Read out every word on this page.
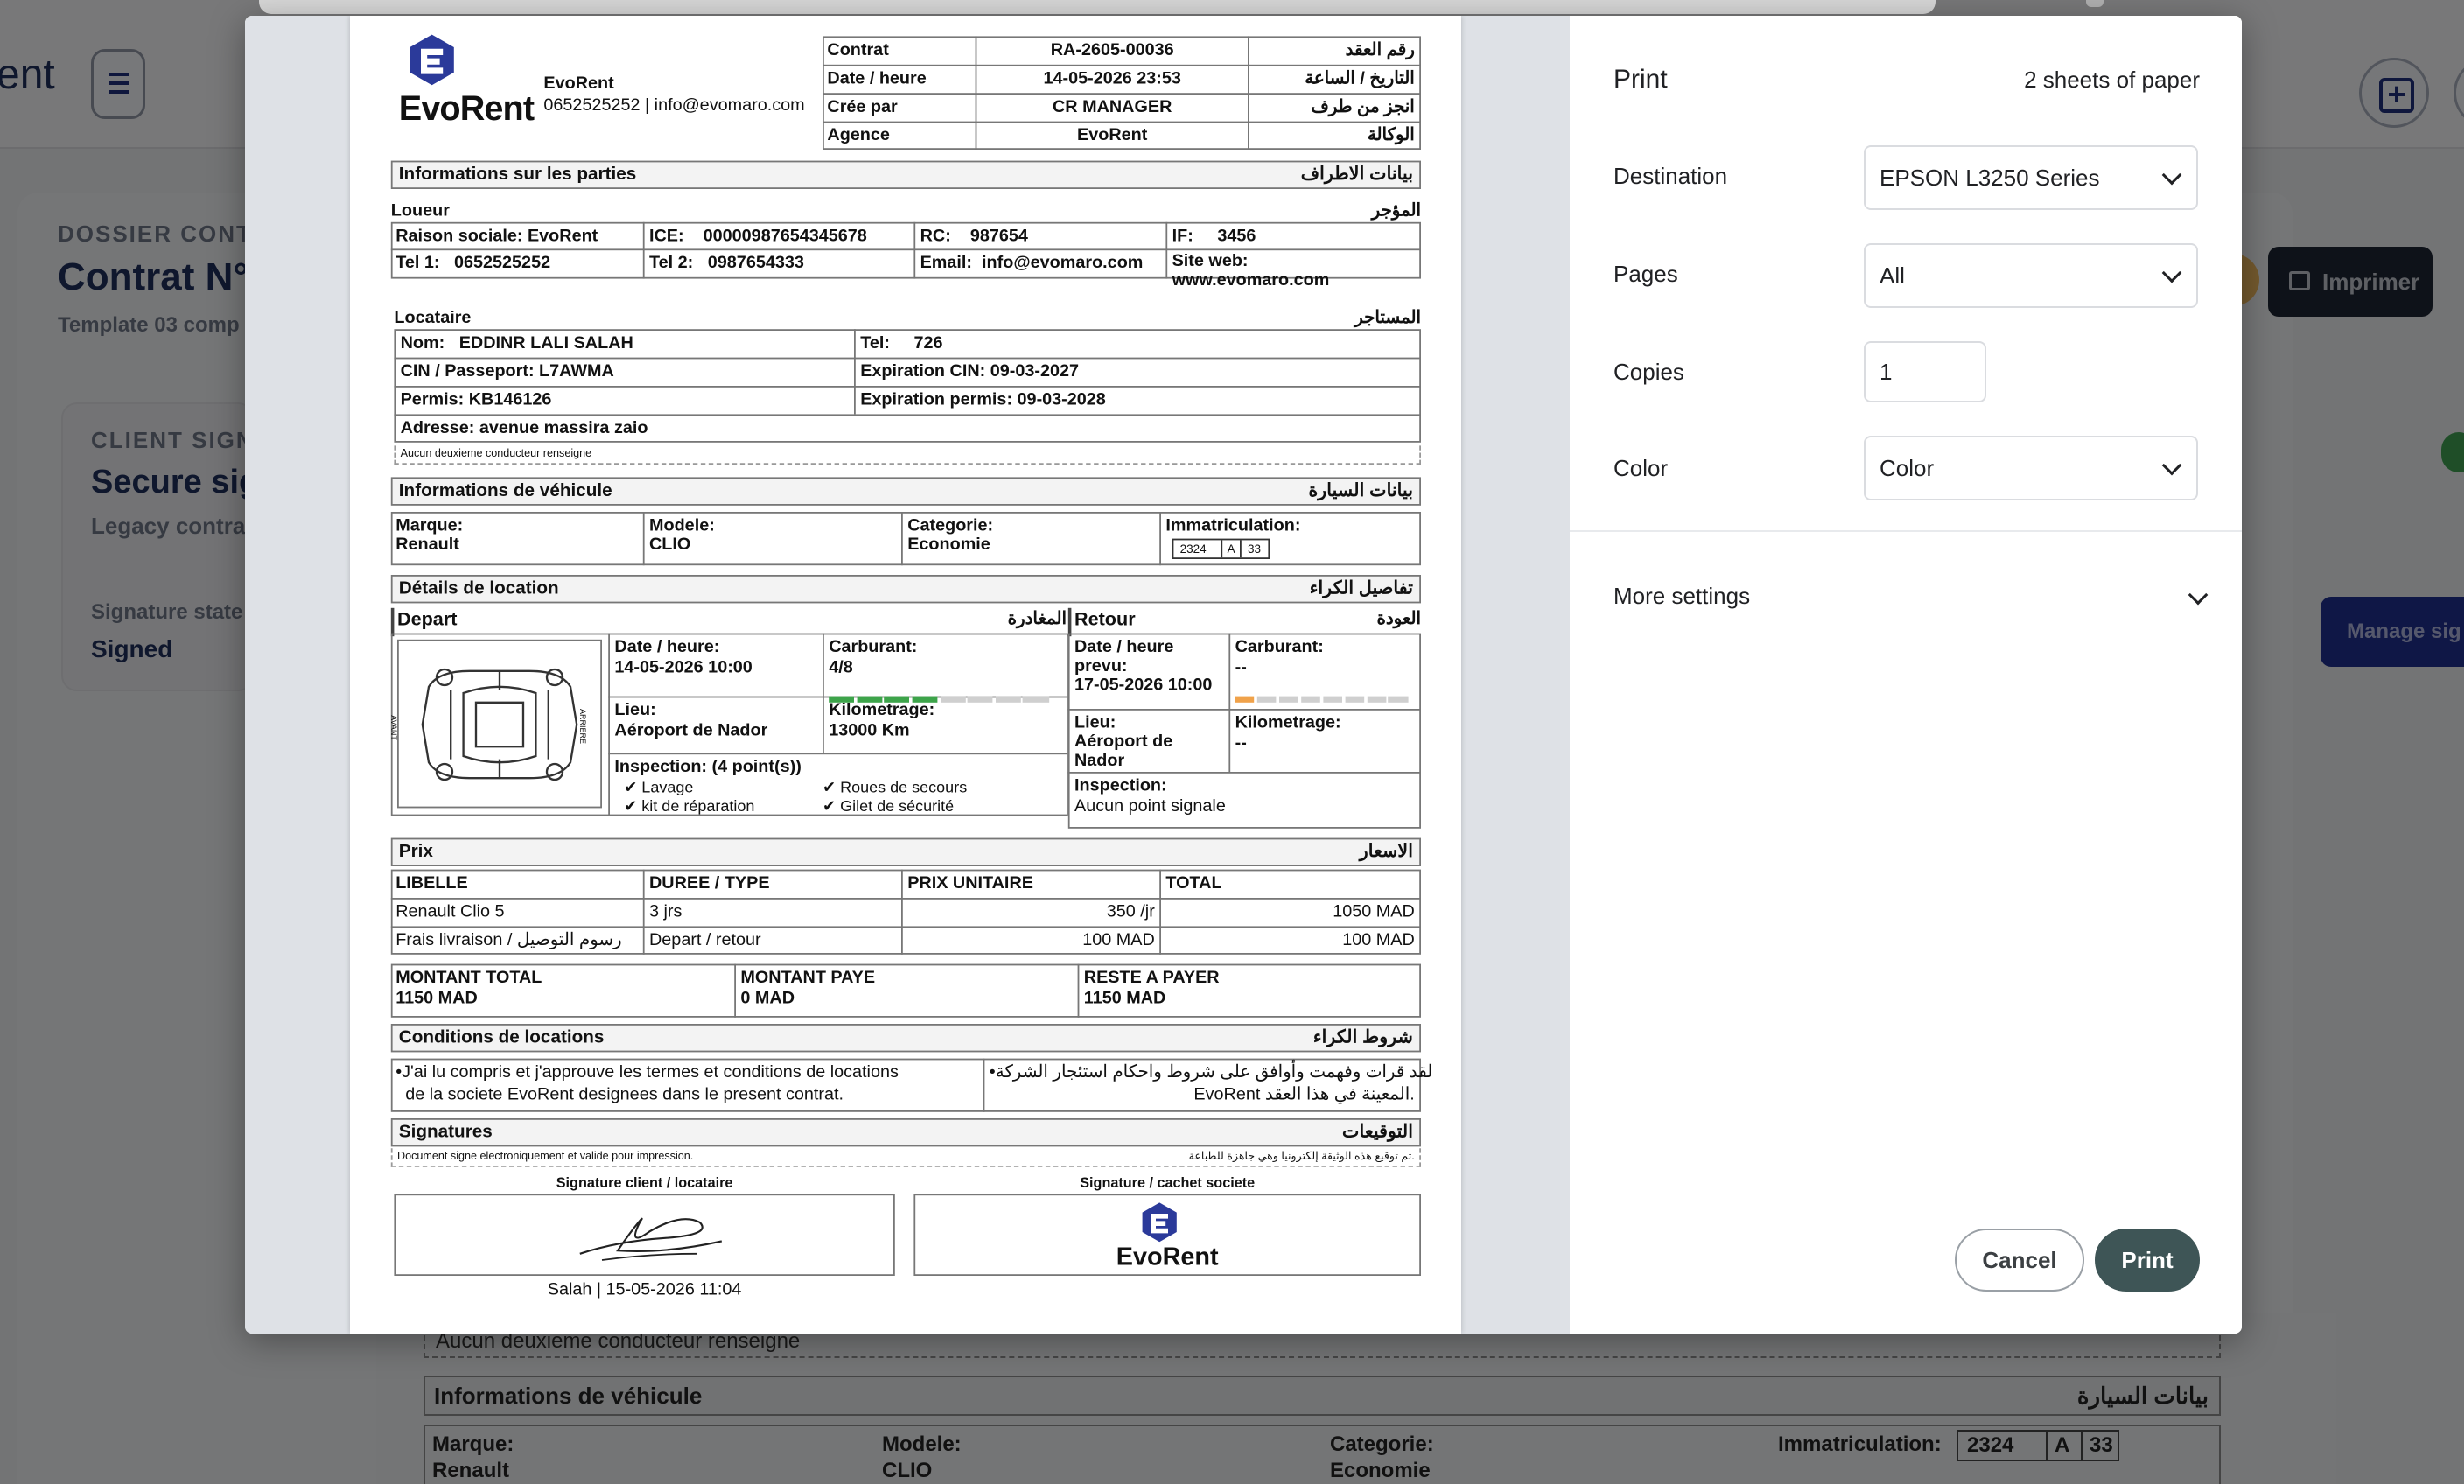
EvoRent
EvoRent
0652525252 | info@evomaro.com
Contrat	RA-2605-00036	رقم العقد
Date / heure	14-05-2026 23:53	التاريخ / الساعة
Crée par	CR MANAGER	انجز من طرف
Agence	EvoRent	الوكالة
Informations sur les parties	بيانات الاطراف
Loueur	المؤجر
Raison sociale: EvoRent	ICE: 00000987654345678	RC: 987654	IF:	3456
Tel 1: 0652525252	Tel 2: 0987654333	Email: info@evomaro.com	Site web:
www.evomaro.com
Locataire	المستاجر
Nom: EDDINR LALI SALAH	Tel:	726
CIN / Passeport: L7AWMA	Expiration CIN: 09-03-2027
Permis: KB146126	Expiration permis: 09-03-2028
Adresse: avenue massira zaio
Aucun deuxieme conducteur renseigne
Informations de véhicule	بيانات السيارة
Marque:
Renault
Modele:
CLIO
Categorie:
Economie
Immatriculation:
2324	A	33
Détails de location	تفاصيل الكراء
Depart	المغادرة
AVANT	ARRIERE
Date / heure:
14-05-2026 10:00
Carburant:
4/8
Lieu:
Aéroport de Nador
Kilometrage:
13000 Km
Inspection: (4 point(s))
✔ Lavage	✔ Roues de secours
✔ kit de réparation	✔ Gilet de sécurité
Retour	العودة
Date / heure prevu:
17-05-2026 10:00
Carburant:
--
Lieu:
Aéroport de Nador
Kilometrage:
--
Inspection:
Aucun point signale
Prix	الاسعار
LIBELLE	DUREE / TYPE	PRIX UNITAIRE	TOTAL
Renault Clio 5	3 jrs	350 /jr	1050 MAD
Frais livraison / رسوم التوصيل	Depart / retour	100 MAD	100 MAD
MONTANT TOTAL
1150 MAD
MONTANT PAYE
0 MAD
RESTE A PAYER
1150 MAD
Conditions de locations	شروط الكراء
•J'ai lu compris et j'approuve les termes et conditions de locations
de la societe EvoRent designees dans le present contrat.
•لقد قرات وفهمت وأوافق على شروط واحكام استئجار الشركة
EvoRent المعينة في هذا العقد.
Signatures	التوقيعات
Document signe electroniquement et valide pour impression.	تم توقيع هذه الوثيقة إلكترونيا وهي جاهزة للطباعة.
Signature client / locataire	Signature / cachet societe
Salah | 15-05-2026 11:04
EvoRent
Print	2 sheets of paper
Destination	EPSON L3250 Series
Pages	All
Copies	1
Color	Color
More settings
Cancel	Print
